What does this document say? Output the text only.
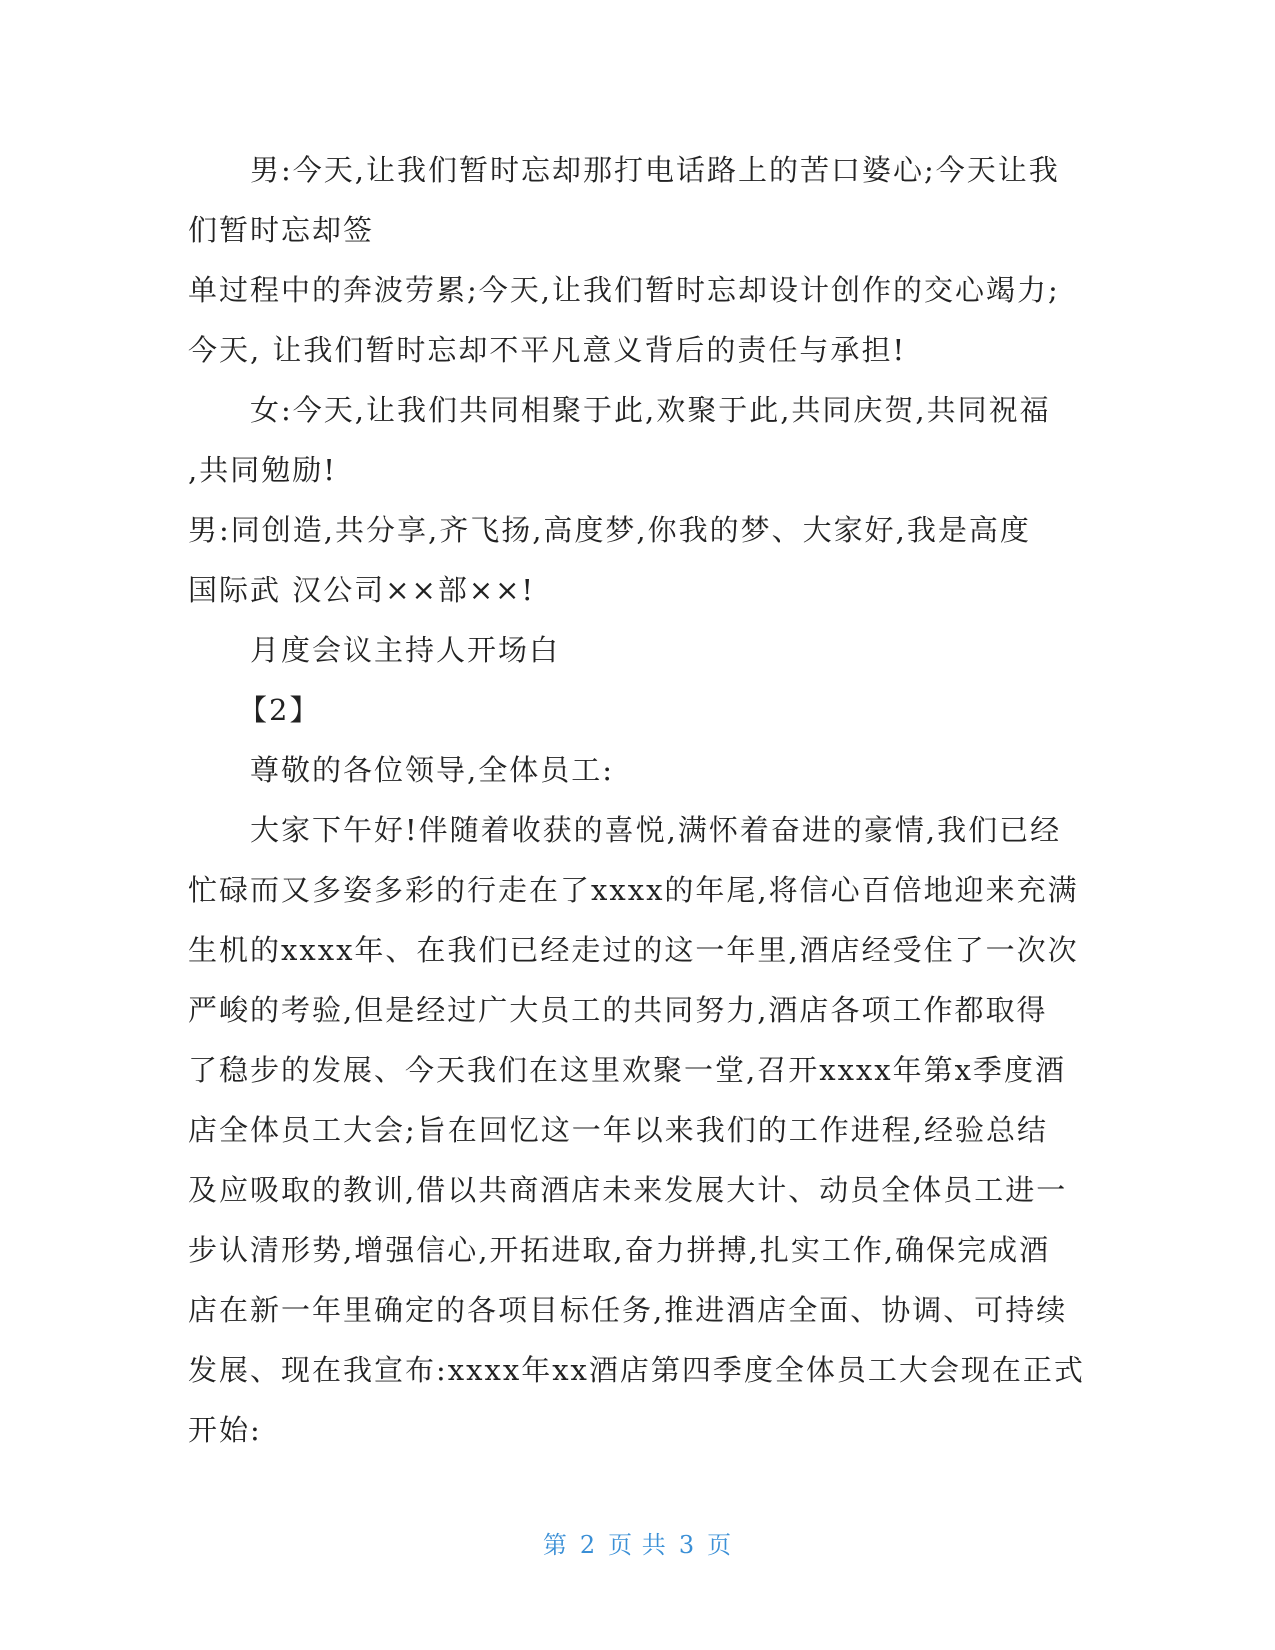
男:今天,让我们暂时忘却那打电话路上的苦口婆心;今天让我
们暂时忘却签
单过程中的奔波劳累;今天,让我们暂时忘却设计创作的交心竭力;
今天, 让我们暂时忘却不平凡意义背后的责任与承担!
女:今天,让我们共同相聚于此,欢聚于此,共同庆贺,共同祝福
,共同勉励!
男:同创造,共分享,齐飞扬,高度梦,你我的梦、大家好,我是高度
国际武 汉公司××部××!
月度会议主持人开场白
【2】
尊敬的各位领导,全体员工:
大家下午好!伴随着收获的喜悦,满怀着奋进的豪情,我们已经
忙碌而又多姿多彩的行走在了xxxx的年尾,将信心百倍地迎来充满
生机的xxxx年、在我们已经走过的这一年里,酒店经受住了一次次
严峻的考验,但是经过广大员工的共同努力,酒店各项工作都取得
了稳步的发展、今天我们在这里欢聚一堂,召开xxxx年第x季度酒
店全体员工大会;旨在回忆这一年以来我们的工作进程,经验总结
及应吸取的教训,借以共商酒店未来发展大计、动员全体员工进一
步认清形势,增强信心,开拓进取,奋力拼搏,扎实工作,确保完成酒
店在新一年里确定的各项目标任务,推进酒店全面、协调、可持续
发展、现在我宣布:xxxx年xx酒店第四季度全体员工大会现在正式
开始:
第 2 页 共 3 页
